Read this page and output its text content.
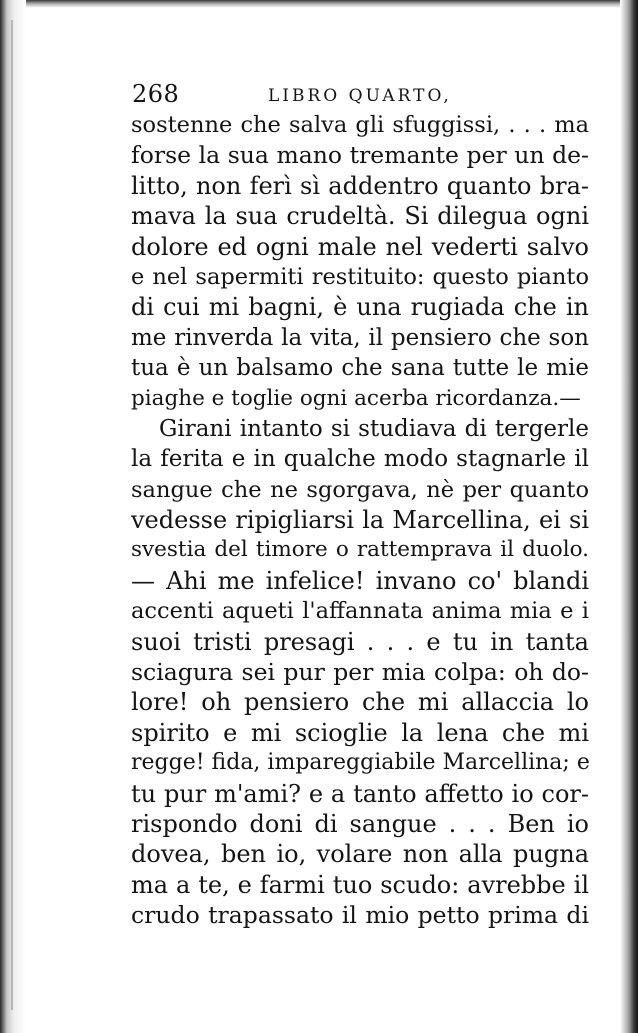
268	LIBRO QUARTO,
sostenne che salva gli sfuggissi, . . . ma
forse la sua mano tremante per un de-
litto, non ferì sì addentro quanto bra-
mava la sua crudeltà. Si dilegua ogni
dolore ed ogni male nel vederti salvo
e nel sapermiti restituito: questo pianto
di cui mi bagni, è una rugiada che in
me rinverda la vita, il pensiero che son
tua è un balsamo che sana tutte le mie
piaghe e toglie ogni acerba ricordanza.—
Girani intanto si studiava di tergerle
la ferita e in qualche modo stagnarle il
sangue che ne sgorgava, nè per quanto
vedesse ripigliarsi la Marcellina, ei si
svestia del timore o rattemprava il duolo.
— Ahi me infelice! invano co' blandi
accenti aqueti l'affannata anima mia e i
suoi tristi presagi . . . e tu in tanta
sciagura sei pur per mia colpa: oh do-
lore! oh pensiero che mi allaccia lo
spirito e mi scioglie la lena che mi
regge! fida, impareggiabile Marcellina; e
tu pur m'ami? e a tanto affetto io cor-
rispondo doni di sangue . . . Ben io
dovea, ben io, volare non alla pugna
ma a te, e farmi tuo scudo: avrebbe il
crudo trapassato il mio petto prima di
